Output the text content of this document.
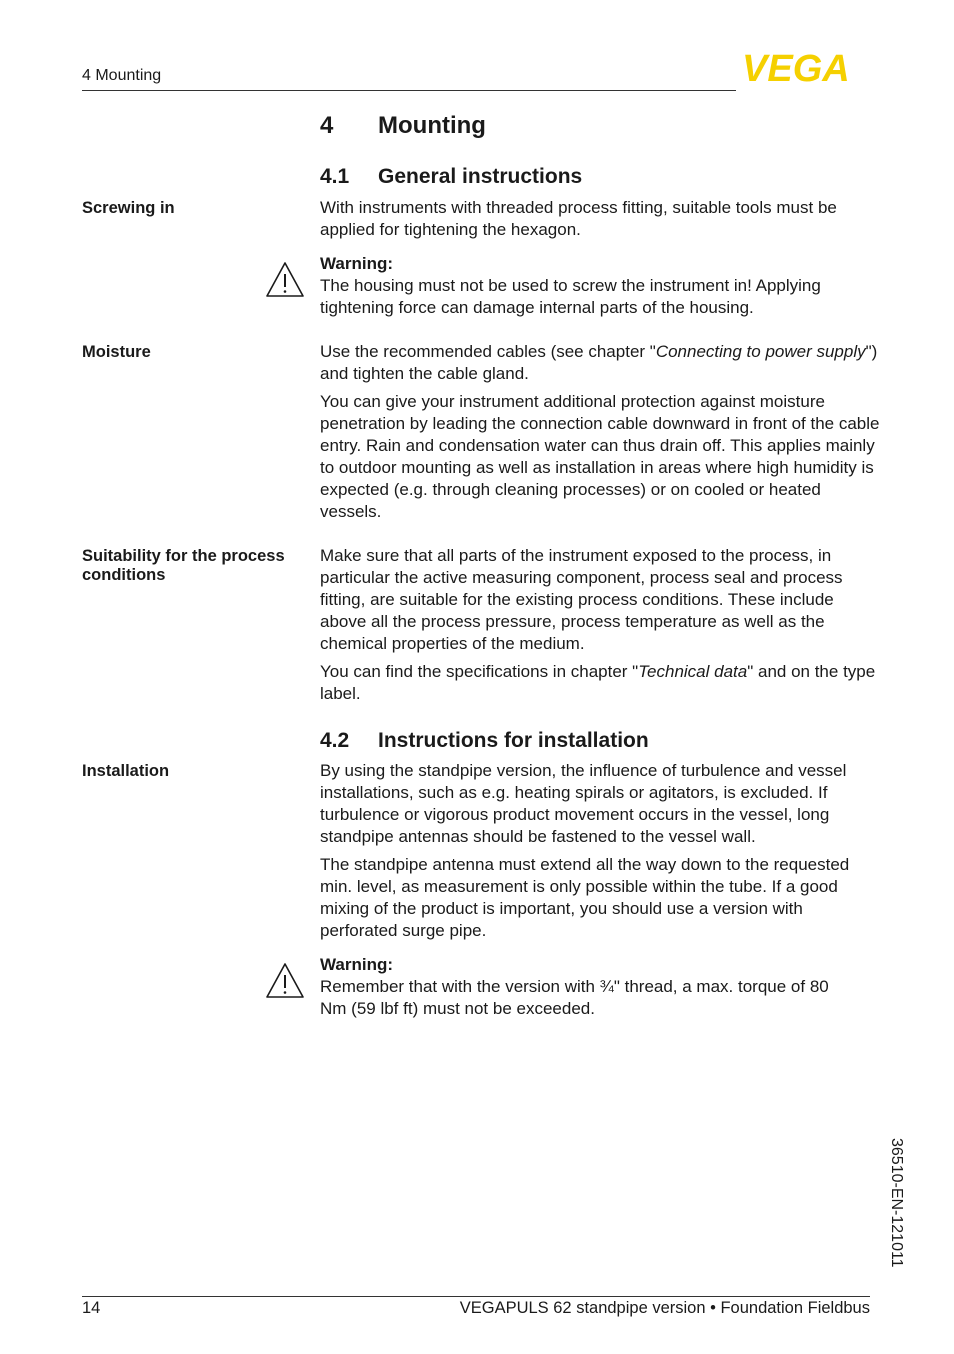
4 Mounting	VEGA
4 Mounting
4.1 General instructions
Screwing in	With instruments with threaded process fitting, suitable tools must be applied for tightening the hexagon.

Warning:
The housing must not be used to screw the instrument in! Applying tightening force can damage internal parts of the housing.
Moisture	Use the recommended cables (see chapter "Connecting to power supply") and tighten the cable gland.

You can give your instrument additional protection against moisture penetration by leading the connection cable downward in front of the cable entry. Rain and condensation water can thus drain off. This applies mainly to outdoor mounting as well as installation in areas where high humidity is expected (e.g. through cleaning processes) or on cooled or heated vessels.

Suitability for the process conditions

Make sure that all parts of the instrument exposed to the process, in particular the active measuring component, process seal and process fitting, are suitable for the existing process conditions. These include above all the process pressure, process temperature as well as the chemical properties of the medium.

You can find the specifications in chapter "Technical data" and on the type label.

4.2 Instructions for installation
Installation	By using the standpipe version, the influence of turbulence and vessel installations, such as e.g. heating spirals or agitators, is excluded. If turbulence or vigorous product movement occurs in the vessel, long standpipe antennas should be fastened to the vessel wall.

The standpipe antenna must extend all the way down to the requested min. level, as measurement is only possible within the tube. If a good mixing of the product is important, you should use a version with perforated surge pipe.

Warning:
Remember that with the version with ¾" thread, a max. torque of 80 Nm (59 lbf ft) must not be exceeded.
36510-EN-121011
14	VEGAPULS 62 standpipe version • Foundation Fieldbus
